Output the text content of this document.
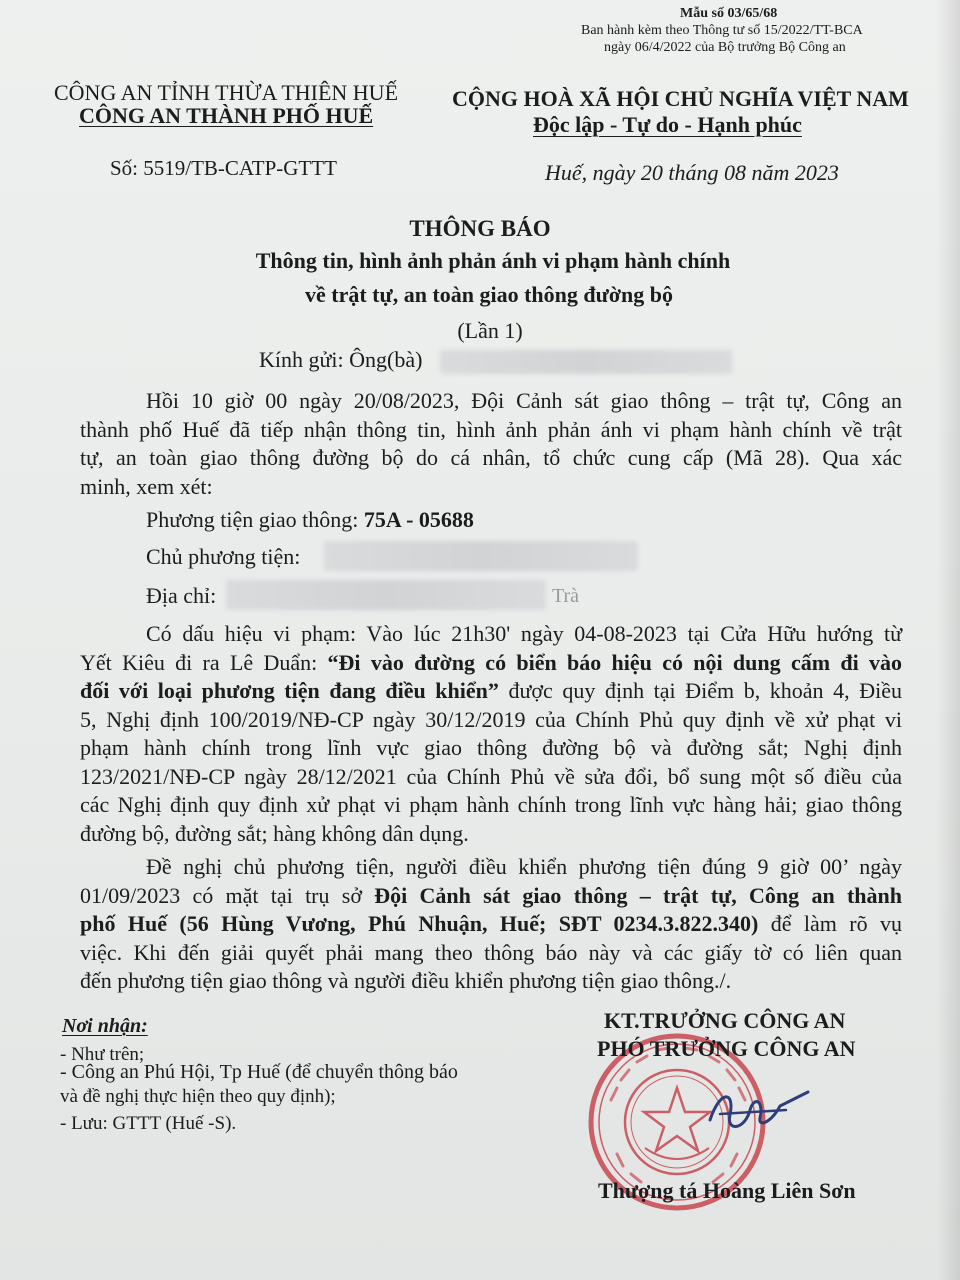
Mẫu số 03/65/68
Ban hành kèm theo Thông tư số 15/2022/TT-BCA
ngày 06/4/2022 của Bộ trưởng Bộ Công an
CÔNG AN TỈNH THỪA THIÊN HUẾ
CÔNG AN THÀNH PHỐ HUẾ
CỘNG HOÀ XÃ HỘI CHỦ NGHĨA VIỆT NAM
Độc lập - Tự do - Hạnh phúc
Số: 5519/TB-CATP-GTTT	Huế, ngày 20 tháng 08 năm 2023
THÔNG BÁO
Thông tin, hình ảnh phản ánh vi phạm hành chính
về trật tự, an toàn giao thông đường bộ
(Lần 1)
Kính gửi: Ông(bà)
Hồi 10 giờ 00 ngày 20/08/2023, Đội Cảnh sát giao thông – trật tự, Công an
thành phố Huế đã tiếp nhận thông tin, hình ảnh phản ánh vi phạm hành chính về trật
tự, an toàn giao thông đường bộ do cá nhân, tổ chức cung cấp (Mã 28). Qua xác
minh, xem xét:
Phương tiện giao thông: 75A - 05688
Chủ phương tiện:
Địa chỉ:	Trà
Có dấu hiệu vi phạm: Vào lúc 21h30' ngày 04-08-2023 tại Cửa Hữu hướng từ
Yết Kiêu đi ra Lê Duẩn: “Đi vào đường có biển báo hiệu có nội dung cấm đi vào
đối với loại phương tiện đang điều khiển” được quy định tại Điểm b, khoản 4, Điều
5, Nghị định 100/2019/NĐ-CP ngày 30/12/2019 của Chính Phủ quy định về xử phạt vi
phạm hành chính trong lĩnh vực giao thông đường bộ và đường sắt; Nghị định
123/2021/NĐ-CP ngày 28/12/2021 của Chính Phủ về sửa đổi, bổ sung một số điều của
các Nghị định quy định xử phạt vi phạm hành chính trong lĩnh vực hàng hải; giao thông
đường bộ, đường sắt; hàng không dân dụng.
Đề nghị chủ phương tiện, người điều khiển phương tiện đúng 9 giờ 00’ ngày
01/09/2023 có mặt tại trụ sở Đội Cảnh sát giao thông – trật tự, Công an thành
phố Huế (56 Hùng Vương, Phú Nhuận, Huế; SĐT 0234.3.822.340) để làm rõ vụ
việc. Khi đến giải quyết phải mang theo thông báo này và các giấy tờ có liên quan
đến phương tiện giao thông và người điều khiển phương tiện giao thông./.
Nơi nhận:
- Như trên;
- Công an Phú Hội, Tp Huế (để chuyển thông báo
và đề nghị thực hiện theo quy định);
- Lưu: GTTT (Huế -S).
KT.TRƯỞNG CÔNG AN
PHÓ TRƯỞNG CÔNG AN
Thượng tá Hoàng Liên Sơn
